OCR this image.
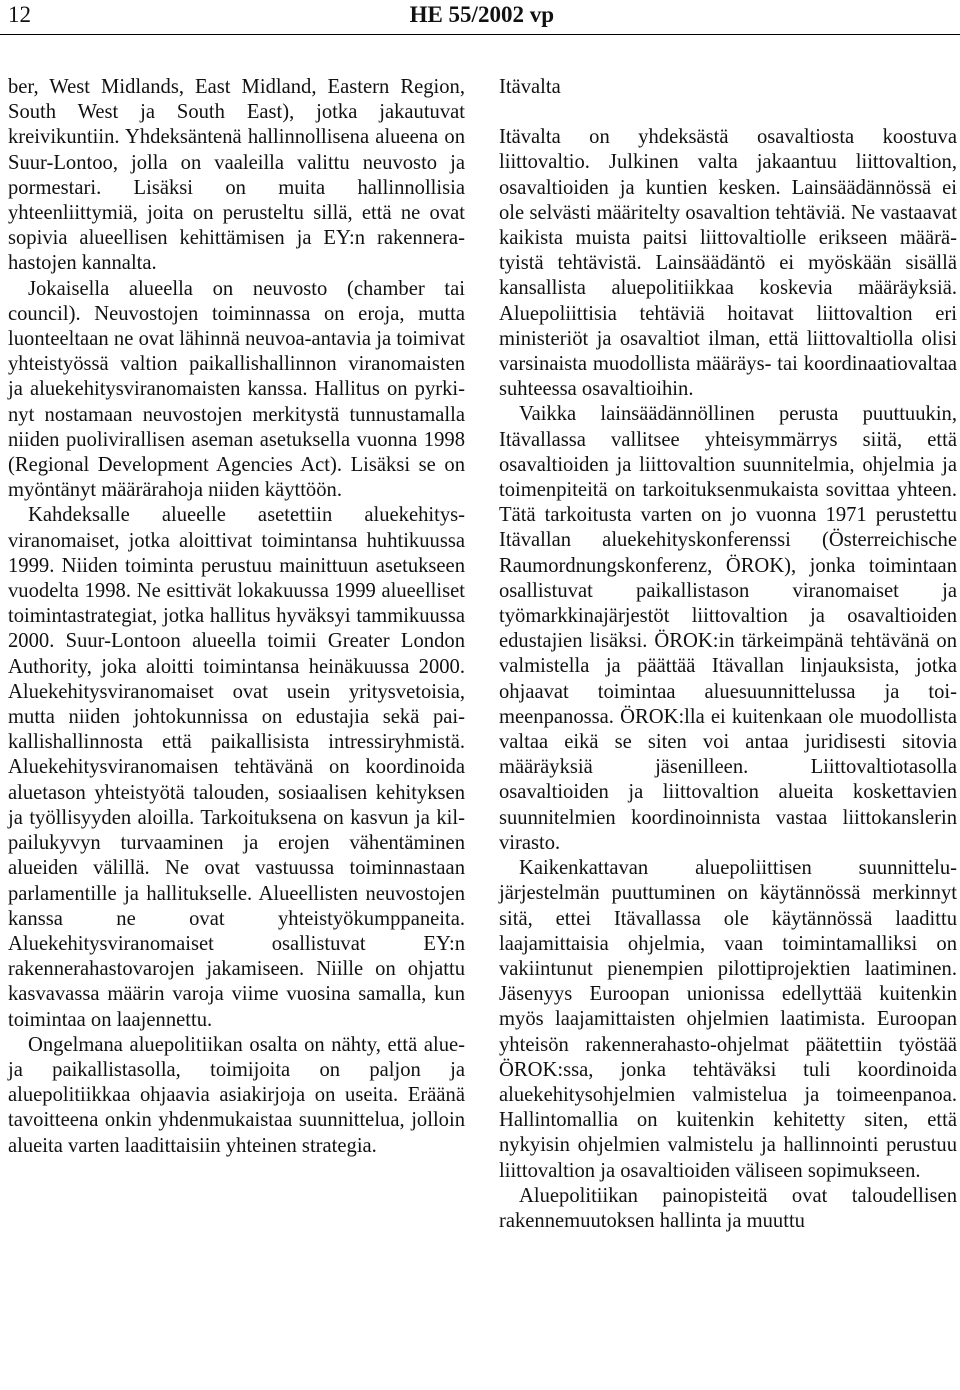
12	HE 55/2002 vp

ber, West Midlands, East Midland, Eastern Region, South West ja South East), jotka jakautuvat kreivikuntiin. Yhdeksäntenä hallinnollisena alueena on Suur-Lontoo, jolla on vaaleilla valittu neuvosto ja pormestari. Lisäksi on muita hallinnollisia yhteenliittymiä, joita on perusteltu sillä, että ne ovat sopivia alueellisen kehittämisen ja EY:n rakennerahastojen kannalta.

Jokaisella alueella on neuvosto (chamber tai council). Neuvostojen toiminnassa on eroja, mutta luonteeltaan ne ovat lähinnä neuvoa-antavia ja toimivat yhteistyössä valtion paikallishallinnon viranomaisten ja aluekehitysviranomaisten kanssa. Hallitus on pyrkinyt nostamaan neuvostojen merkitystä tunnustamalla niiden puolivirallisen aseman asetuksella vuonna 1998 (Regional Development Agencies Act). Lisäksi se on myöntänyt määrärahoja niiden käyttöön.

Kahdeksalle alueelle asetettiin aluekehitysviranomaiset, jotka aloittivat toimintansa huhtikuussa 1999. Niiden toiminta perustuu mainittuun asetukseen vuodelta 1998. Ne esittivät lokakuussa 1999 alueelliset toimintastrategiat, jotka hallitus hyväksyi tammikuussa 2000. Suur-Lontoon alueella toimii Greater London Authority, joka aloitti toimintansa heinäkuussa 2000. Aluekehitysviranomaiset ovat usein yritysvetoisia, mutta niiden johtokunnissa on edustajia sekä paikallishallinnosta että paikallisista intressiryhmistä. Aluekehitysviranomaisen tehtävänä on koordinoida aluetason yhteistyötä talouden, sosiaalisen kehityksen ja työllisyyden aloilla. Tarkoituksena on kasvun ja kilpailukyvyn turvaaminen ja erojen vähentäminen alueiden välillä. Ne ovat vastuussa toiminnastaan parlamentille ja hallitukselle. Alueellisten neuvostojen kanssa ne ovat yhteistyökumppaneita. Aluekehitysviranomaiset osallistuvat EY:n rakennerahastovarojen jakamiseen. Niille on ohjattu kasvavassa määrin varoja viime vuosina samalla, kun toimintaa on laajennettu.

Ongelmana aluepolitiikan osalta on nähty, että alue- ja paikallistasolla, toimijoita on paljon ja aluepolitiikkaa ohjaavia asiakirjoja on useita. Eräänä tavoitteena onkin yhdenmukaistaa suunnittelua, jolloin alueita varten laadittaisiin yhteinen strategia.

Itävalta

Itävalta on yhdeksästä osavaltiosta koostuva liittovaltio. Julkinen valta jakaantuu liittovaltion, osavaltioiden ja kuntien kesken. Lainsäädännössä ei ole selvästi määritelty osavaltion tehtäviä. Ne vastaavat kaikista muista paitsi liittovaltiolle erikseen määrätyistä tehtävistä. Lainsäädäntö ei myöskään sisällä kansallista aluepolitiikkaa koskevia määräyksiä. Aluepoliittisia tehtäviä hoitavat liittovaltion eri ministeriöt ja osavaltiot ilman, että liittovaltiolla olisi varsinaista muodollista määräys- tai koordinaatiovaltaa suhteessa osavaltioihin.

Vaikka lainsäädännöllinen perusta puuttuukin, Itävallassa vallitsee yhteisymmärrys siitä, että osavaltioiden ja liittovaltion suunnitelmia, ohjelmia ja toimenpiteitä on tarkoituksenmukaista sovittaa yhteen. Tätä tarkoitusta varten on jo vuonna 1971 perustettu Itävallan aluekehityskonferenssi (Österreichische Raumordnungskonferenz, ÖROK), jonka toimintaan osallistuvat paikallistason viranomaiset ja työmarkkinajärjestöt liittovaltion ja osavaltioiden edustajien lisäksi. ÖROK:in tärkeimpänä tehtävänä on valmistella ja päättää Itävallan linjauksista, jotka ohjaavat toimintaa aluesuunnittelussa ja toimeenpanossa. ÖROK:lla ei kuitenkaan ole muodollista valtaa eikä se siten voi antaa juridisesti sitovia määräyksiä jäsenilleen. Liittovaltiotasolla osavaltioiden ja liittovaltion alueita koskettavien suunnitelmien koordinoinnista vastaa liittokanslerin virasto.

Kaikenkattavan aluepoliittisen suunnittelujärjestelmän puuttuminen on käytännössä merkinnyt sitä, ettei Itävallassa ole käytännössä laadittu laajamittaisia ohjelmia, vaan toimintamalliksi on vakiintunut pienempien pilottiprojektien laatiminen. Jäsenyys Euroopan unionissa edellyttää kuitenkin myös laajamittaisten ohjelmien laatimista. Euroopan yhteisön rakennerahasto-ohjelmat päätettiin työstää ÖROK:ssa, jonka tehtäväksi tuli koordinoida aluekehitysohjelmien valmistelua ja toimeenpanoa. Hallintomallia on kuitenkin kehitetty siten, että nykyisin ohjelmien valmistelu ja hallinnointi perustuu liittovaltion ja osavaltioiden väliseen sopimukseen.

Aluepolitiikan painopisteitä ovat taloudellisen rakennemuutoksen hallinta ja muuttu
